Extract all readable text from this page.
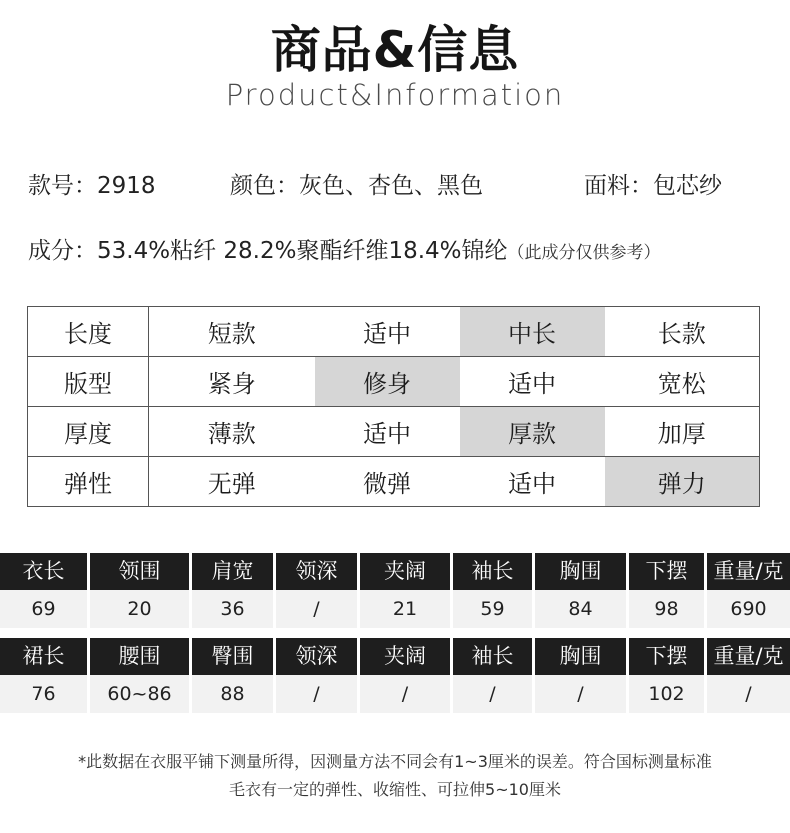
商品&信息
Product&Information
款号：2918	颜色：灰色、杏色、黑色	面料：包芯纱
成分：53.4%粘纤 28.2%聚酯纤维18.4%锦纶（此成分仅供参考）
长度	短款	适中	中长	长款
版型	紧身	修身	适中	宽松
厚度	薄款	适中	厚款	加厚
弹性	无弹	微弹	适中	弹力
衣长	领围	肩宽	领深	夹阔	袖长	胸围	下摆	重量/克
69	20	36	/	21	59	84	98	690
裙长	腰围	臀围	领深	夹阔	袖长	胸围	下摆	重量/克
76	60~86	88	/	/	/	/	102	/
*此数据在衣服平铺下测量所得，因测量方法不同会有1~3厘米的误差。符合国标测量标准
毛衣有一定的弹性、收缩性、可拉伸5~10厘米
